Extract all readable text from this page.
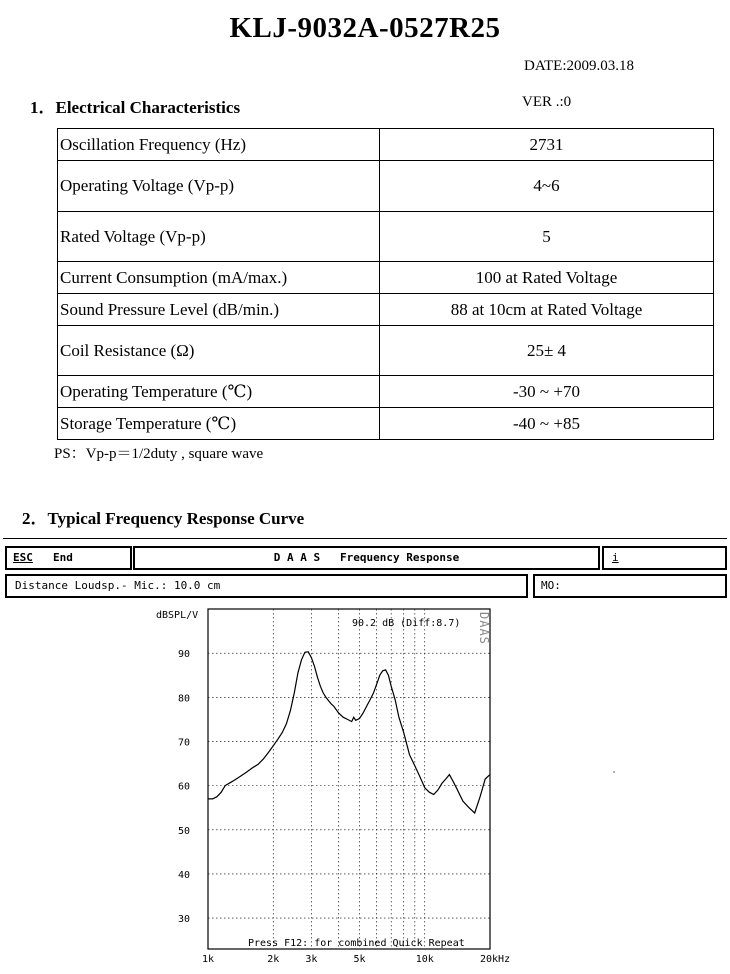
KLJ-9032A-0527R25
DATE:2009.03.18
1．Electrical Characteristics	VER .:0
Oscillation Frequency (Hz)	2731
Operating Voltage (Vp-p)	4~6
Rated Voltage (Vp-p)	5
Current Consumption (mA/max.)	100 at Rated Voltage
Sound Pressure Level (dB/min.)	88 at 10cm at Rated Voltage
Coil Resistance (Ω)	25± 4
Operating Temperature (℃)	-30 ~ +70
Storage Temperature (℃)	-40 ~ +85
PS：Vp-p＝1/2duty , square wave
2．Typical Frequency Response Curve

ESC

End

	D A A S   Frequency Response

	i

Distance Loudsp.- Mic.: 10.0 cm

	MO:

dBSPL/V
30
40
50
60
70
80
90
1k	2k	3k	5k	10k	20kHz
90.2 dB (Diff:8.7) DAAS
Press F12: for combined Quick Repeat
